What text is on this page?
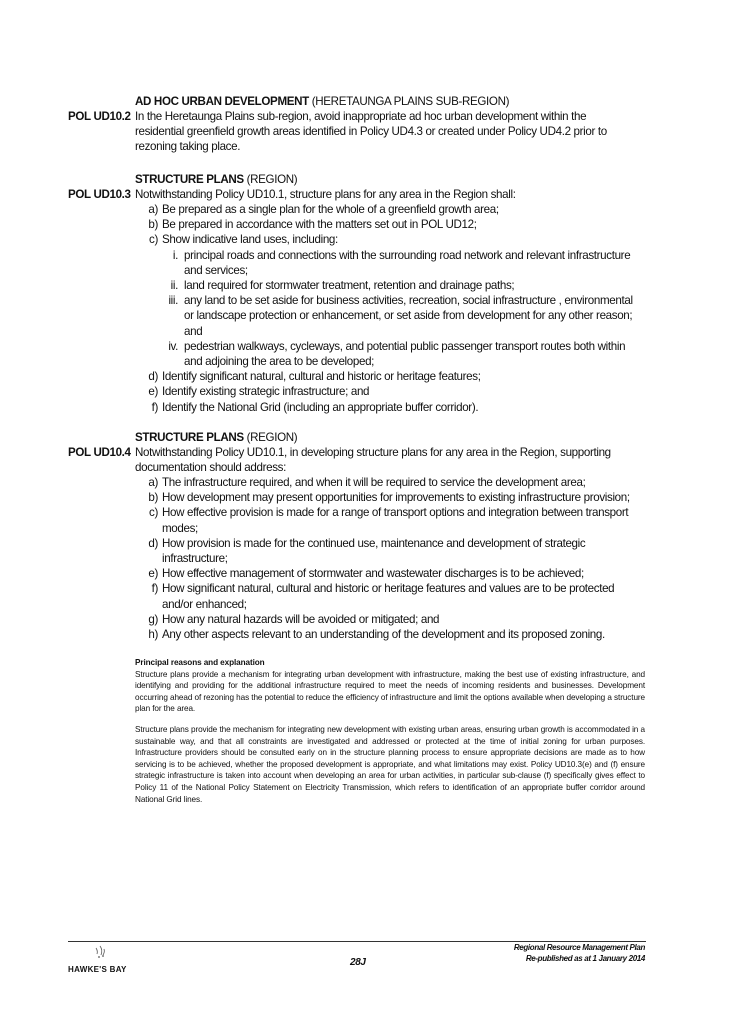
AD HOC URBAN DEVELOPMENT (HERETAUNGA PLAINS SUB-REGION)
POL UD10.2 In the Heretaunga Plains sub-region, avoid inappropriate ad hoc urban development within the residential greenfield growth areas identified in Policy UD4.3 or created under Policy UD4.2 prior to rezoning taking place.
STRUCTURE PLANS (REGION)
POL UD10.3 Notwithstanding Policy UD10.1, structure plans for any area in the Region shall:
a) Be prepared as a single plan for the whole of a greenfield growth area;
b) Be prepared in accordance with the matters set out in POL UD12;
c) Show indicative land uses, including:
i. principal roads and connections with the surrounding road network and relevant infrastructure and services;
ii. land required for stormwater treatment, retention and drainage paths;
iii. any land to be set aside for business activities, recreation, social infrastructure , environmental or landscape protection or enhancement, or set aside from development for any other reason; and
iv. pedestrian walkways, cycleways, and potential public passenger transport routes both within and adjoining the area to be developed;
d) Identify significant natural, cultural and historic or heritage features;
e) Identify existing strategic infrastructure; and
f) Identify the National Grid (including an appropriate buffer corridor).
STRUCTURE PLANS (REGION)
POL UD10.4 Notwithstanding Policy UD10.1, in developing structure plans for any area in the Region, supporting documentation should address:
a) The infrastructure required, and when it will be required to service the development area;
b) How development may present opportunities for improvements to existing infrastructure provision;
c) How effective provision is made for a range of transport options and integration between transport modes;
d) How provision is made for the continued use, maintenance and development of strategic infrastructure;
e) How effective management of stormwater and wastewater discharges is to be achieved;
f) How significant natural, cultural and historic or heritage features and values are to be protected and/or enhanced;
g) How any natural hazards will be avoided or mitigated; and
h) Any other aspects relevant to an understanding of the development and its proposed zoning.
Principal reasons and explanation

Structure plans provide a mechanism for integrating urban development with infrastructure, making the best use of existing infrastructure, and identifying and providing for the additional infrastructure required to meet the needs of incoming residents and businesses. Development occurring ahead of rezoning has the potential to reduce the efficiency of infrastructure and limit the options available when developing a structure plan for the area.

Structure plans provide the mechanism for integrating new development with existing urban areas, ensuring urban growth is accommodated in a sustainable way, and that all constraints are investigated and addressed or protected at the time of initial zoning for urban purposes. Infrastructure providers should be consulted early on in the structure planning process to ensure appropriate decisions are made as to how servicing is to be achieved, whether the proposed development is appropriate, and what limitations may exist. Policy UD10.3(e) and (f) ensure strategic infrastructure is taken into account when developing an area for urban activities, in particular sub-clause (f) specifically gives effect to Policy 11 of the National Policy Statement on Electricity Transmission, which refers to identification of an appropriate buffer corridor around National Grid lines.

HAWKE'S BAY
28J
Regional Resource Management Plan
Re-published as at 1 January 2014
